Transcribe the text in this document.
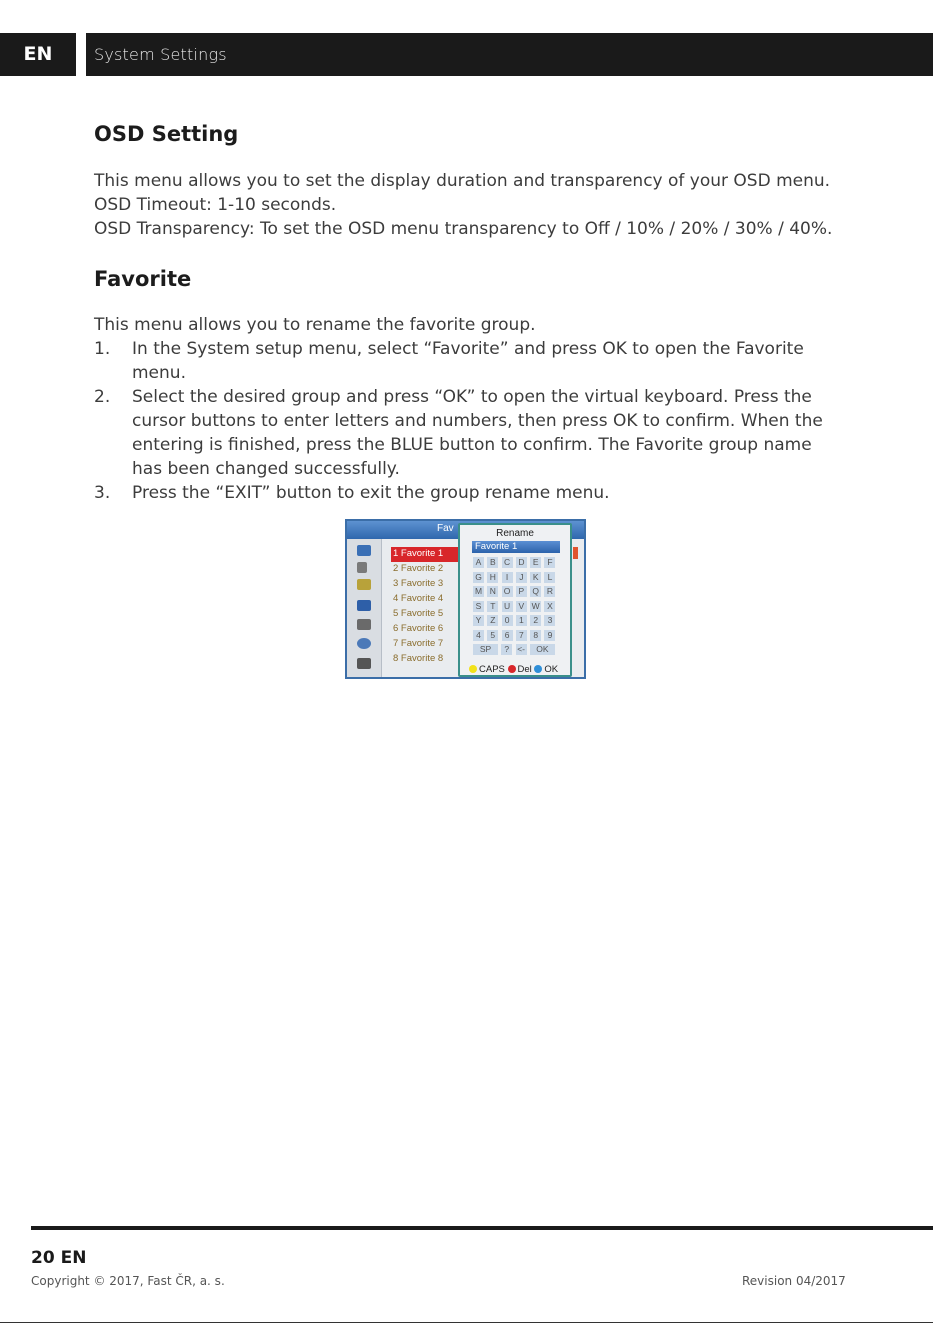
EN	System Settings
OSD Setting

This menu allows you to set the display duration and transparency of your OSD menu.

OSD Timeout: 1-10 seconds.

OSD Transparency: To set the OSD menu transparency to Off / 10% / 20% / 30% / 40%.

Favorite

This menu allows you to rename the favorite group.

1. In the System setup menu, select “Favorite” and press OK to open the Favorite menu.
2. Select the desired group and press “OK” to open the virtual keyboard. Press the cursor buttons to enter letters and numbers, then press OK to confirm. When the entering is finished, press the BLUE button to confirm. The Favorite group name has been changed successfully.
3. Press the “EXIT” button to exit the group rename menu.
Fav
1 Favorite 1
2 Favorite 2
3 Favorite 3
4 Favorite 4
5 Favorite 5
6 Favorite 6
7 Favorite 7
8 Favorite 8
Rename
Favorite 1
A	B C D E	F
G H	I	J	K	L
M N O P Q R
S	T	U V W X
Y	Z	0	1	2	3
4	5	6	7	8	9
SP	? <-	OK
CAPS Del OK
20 EN
Copyright © 2017, Fast ČR, a. s.	Revision 04/2017
